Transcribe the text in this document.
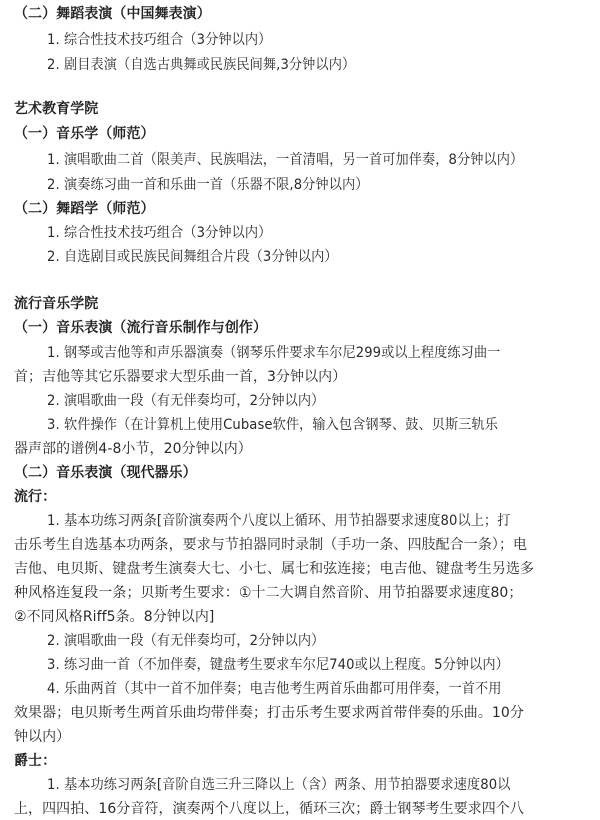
（二）舞蹈表演（中国舞表演）
1. 综合性技术技巧组合（3分钟以内）
2. 剧目表演（自选古典舞或民族民间舞,3分钟以内）
艺术教育学院
（一）音乐学（师范）
1. 演唱歌曲二首（限美声、民族唱法，一首清唱，另一首可加伴奏，8分钟以内）
2. 演奏练习曲一首和乐曲一首（乐器不限,8分钟以内）
（二）舞蹈学（师范）
1. 综合性技术技巧组合（3分钟以内）
2. 自选剧目或民族民间舞组合片段（3分钟以内）
流行音乐学院
（一）音乐表演（流行音乐制作与创作）
1. 钢琴或吉他等和声乐器演奏（钢琴乐件要求车尔尼299或以上程度练习曲一
首；吉他等其它乐器要求大型乐曲一首，3分钟以内）
2. 演唱歌曲一段（有无伴奏均可，2分钟以内）
3. 软件操作（在计算机上使用Cubase软件，输入包含钢琴、鼓、贝斯三轨乐
器声部的谱例4-8小节，20分钟以内）
（二）音乐表演（现代器乐）
流行：
1. 基本功练习两条[音阶演奏两个八度以上循环、用节拍器要求速度80以上；打
击乐考生自选基本功两条，要求与节拍器同时录制（手功一条、四肢配合一条）；电
吉他、电贝斯、键盘考生演奏大七、小七、属七和弦连接；电吉他、键盘考生另选多
种风格连复段一条；贝斯考生要求：①十二大调自然音阶、用节拍器要求速度80；
②不同风格Riff5条。8分钟以内]
2. 演唱歌曲一段（有无伴奏均可，2分钟以内）
3. 练习曲一首（不加伴奏，键盘考生要求车尔尼740或以上程度。5分钟以内）
4. 乐曲两首（其中一首不加伴奏；电吉他考生两首乐曲都可用伴奏，一首不用
效果器；电贝斯考生两首乐曲均带伴奏；打击乐考生要求两首带伴奏的乐曲。10分
钟以内）
爵士：
1. 基本功练习两条[音阶自选三升三降以上（含）两条、用节拍器要求速度80以
上，四四拍、16分音符，演奏两个八度以上，循环三次；爵士钢琴考生要求四个八
